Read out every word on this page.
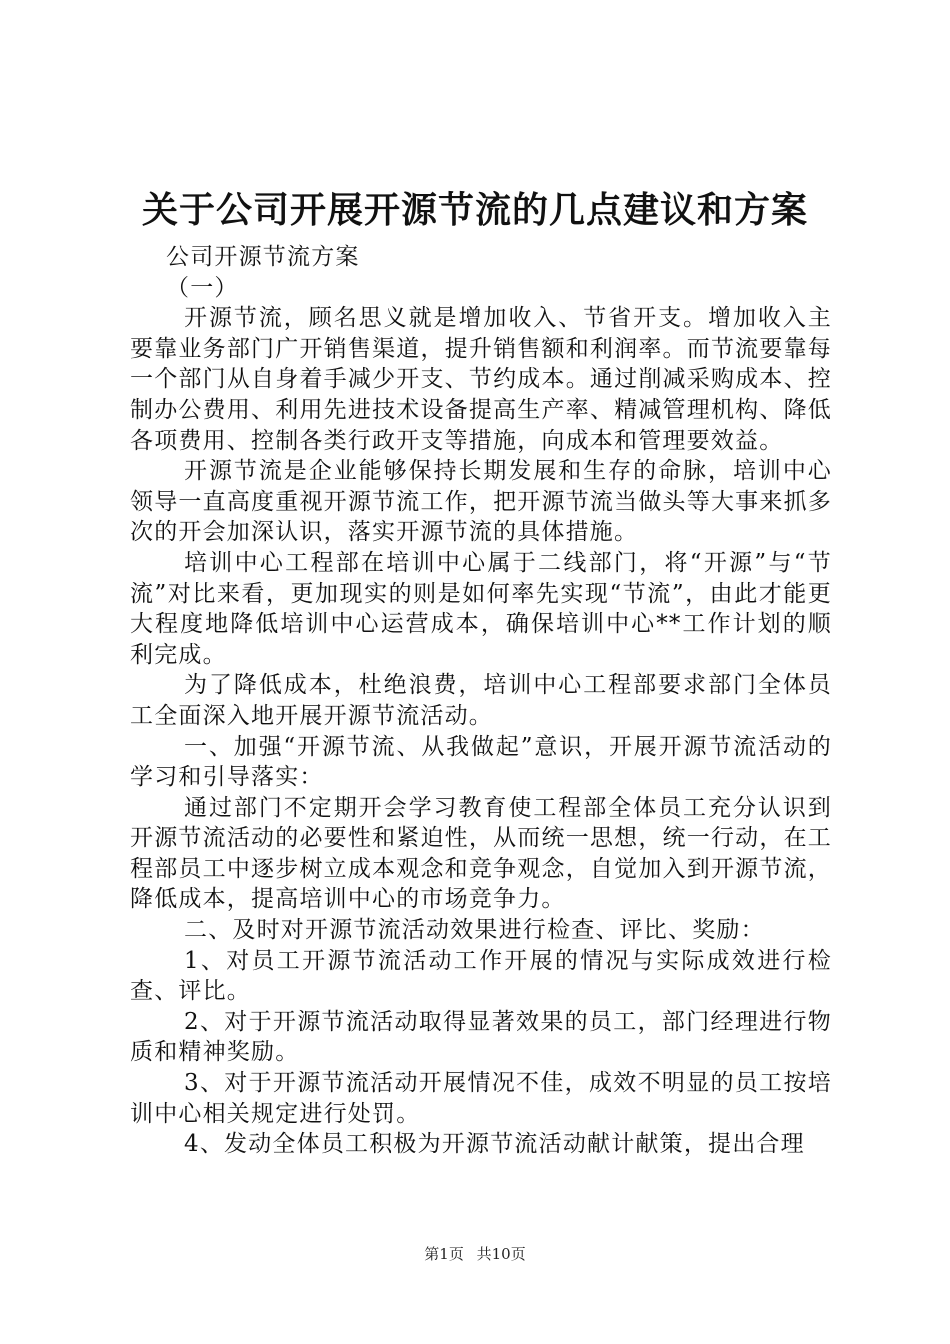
关于公司开展开源节流的几点建议和方案

公司开源节流方案

（一）

开源节流，顾名思义就是增加收入、节省开支。增加收入主要靠业务部门广开销售渠道，提升销售额和利润率。而节流要靠每一个部门从自身着手减少开支、节约成本。通过削减采购成本、控制办公费用、利用先进技术设备提高生产率、精减管理机构、降低各项费用、控制各类行政开支等措施，向成本和管理要效益。

开源节流是企业能够保持长期发展和生存的命脉，培训中心领导一直高度重视开源节流工作，把开源节流当做头等大事来抓多次的开会加深认识，落实开源节流的具体措施。

培训中心工程部在培训中心属于二线部门，将“开源”与“节流”对比来看，更加现实的则是如何率先实现“节流”，由此才能更大程度地降低培训中心运营成本，确保培训中心**工作计划的顺利完成。

为了降低成本，杜绝浪费，培训中心工程部要求部门全体员工全面深入地开展开源节流活动。

一、加强“开源节流、从我做起”意识，开展开源节流活动的学习和引导落实：

通过部门不定期开会学习教育使工程部全体员工充分认识到开源节流活动的必要性和紧迫性，从而统一思想，统一行动，在工程部员工中逐步树立成本观念和竞争观念，自觉加入到开源节流，降低成本，提高培训中心的市场竞争力。

二、及时对开源节流活动效果进行检查、评比、奖励：

1、对员工开源节流活动工作开展的情况与实际成效进行检查、评比。

2、对于开源节流活动取得显著效果的员工，部门经理进行物质和精神奖励。

3、对于开源节流活动开展情况不佳，成效不明显的员工按培训中心相关规定进行处罚。

4、发动全体员工积极为开源节流活动献计献策，提出合理

第1页 共10页
